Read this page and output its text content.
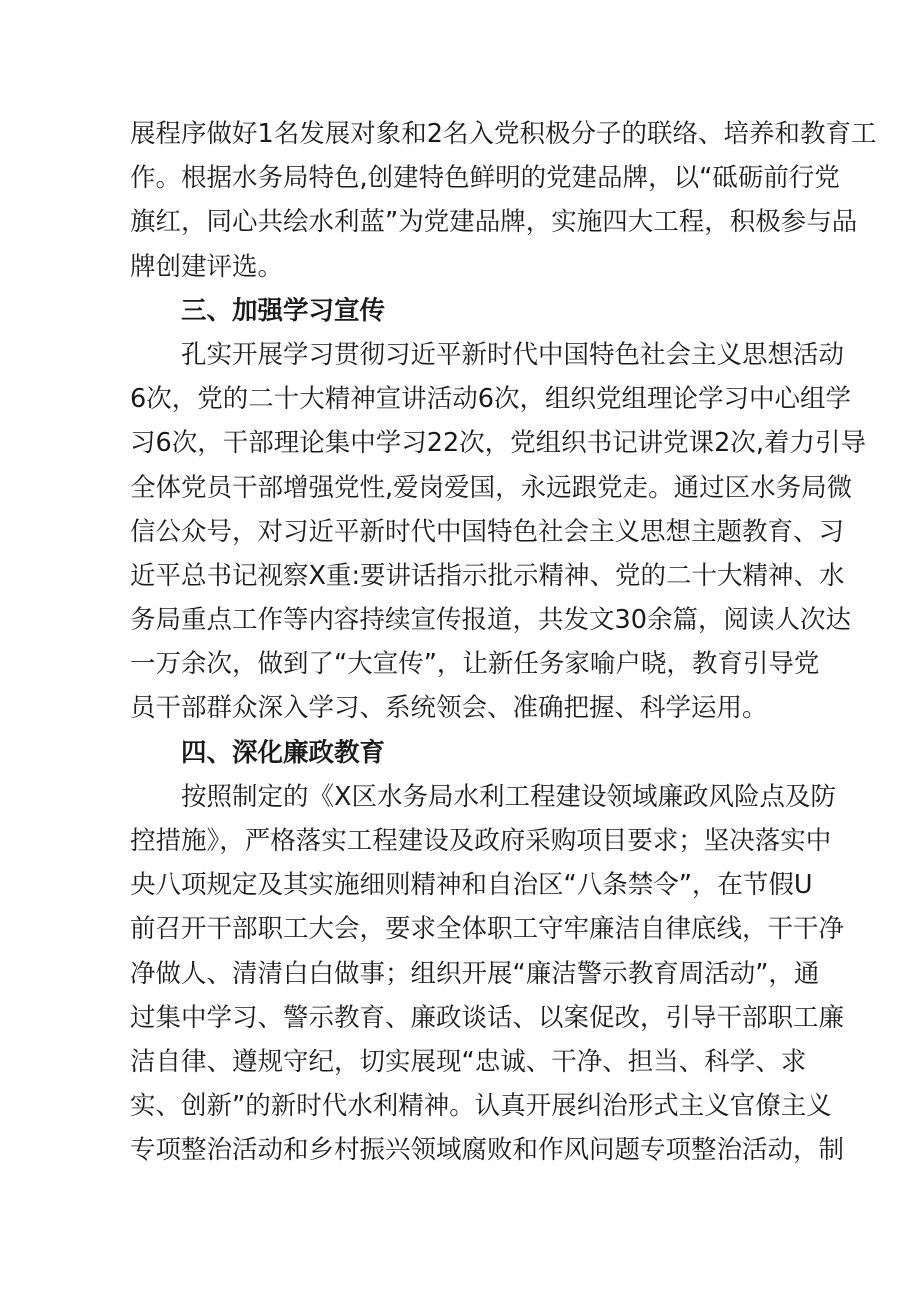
展程序做好1名发展对象和2名入党积极分子的联络、培养和教育工
作。根据水务局特色,创建特色鲜明的党建品牌，以“砥砺前行党
旗红，同心共绘水利蓝”为党建品牌，实施四大工程，积极参与品
牌创建评选。
三、加强学习宣传
孔实开展学习贯彻习近平新时代中国特色社会主义思想活动
6次，党的二十大精神宣讲活动6次，组织党组理论学习中心组学
习6次，干部理论集中学习22次，党组织书记讲党课2次,着力引导
全体党员干部增强党性,爱岗爱国，永远跟党走。通过区水务局微
信公众号，对习近平新时代中国特色社会主义思想主题教育、习
近平总书记视察X重:要讲话指示批示精神、党的二十大精神、水
务局重点工作等内容持续宣传报道，共发文30余篇，阅读人次达
一万余次，做到了“大宣传”，让新任务家喻户晓，教育引导党
员干部群众深入学习、系统领会、准确把握、科学运用。
四、深化廉政教育
按照制定的《X区水务局水利工程建设领域廉政风险点及防
控措施》，严格落实工程建设及政府采购项目要求；坚决落实中
央八项规定及其实施细则精神和自治区“八条禁令”，在节假U
前召开干部职工大会，要求全体职工守牢廉洁自律底线，干干净
净做人、清清白白做事；组织开展“廉洁警示教育周活动”，通
过集中学习、警示教育、廉政谈话、以案促改，引导干部职工廉
洁自律、遵规守纪，切实展现“忠诚、干净、担当、科学、求
实、创新”的新时代水利精神。认真开展纠治形式主义官僚主义
专项整治活动和乡村振兴领域腐败和作风问题专项整治活动，制
